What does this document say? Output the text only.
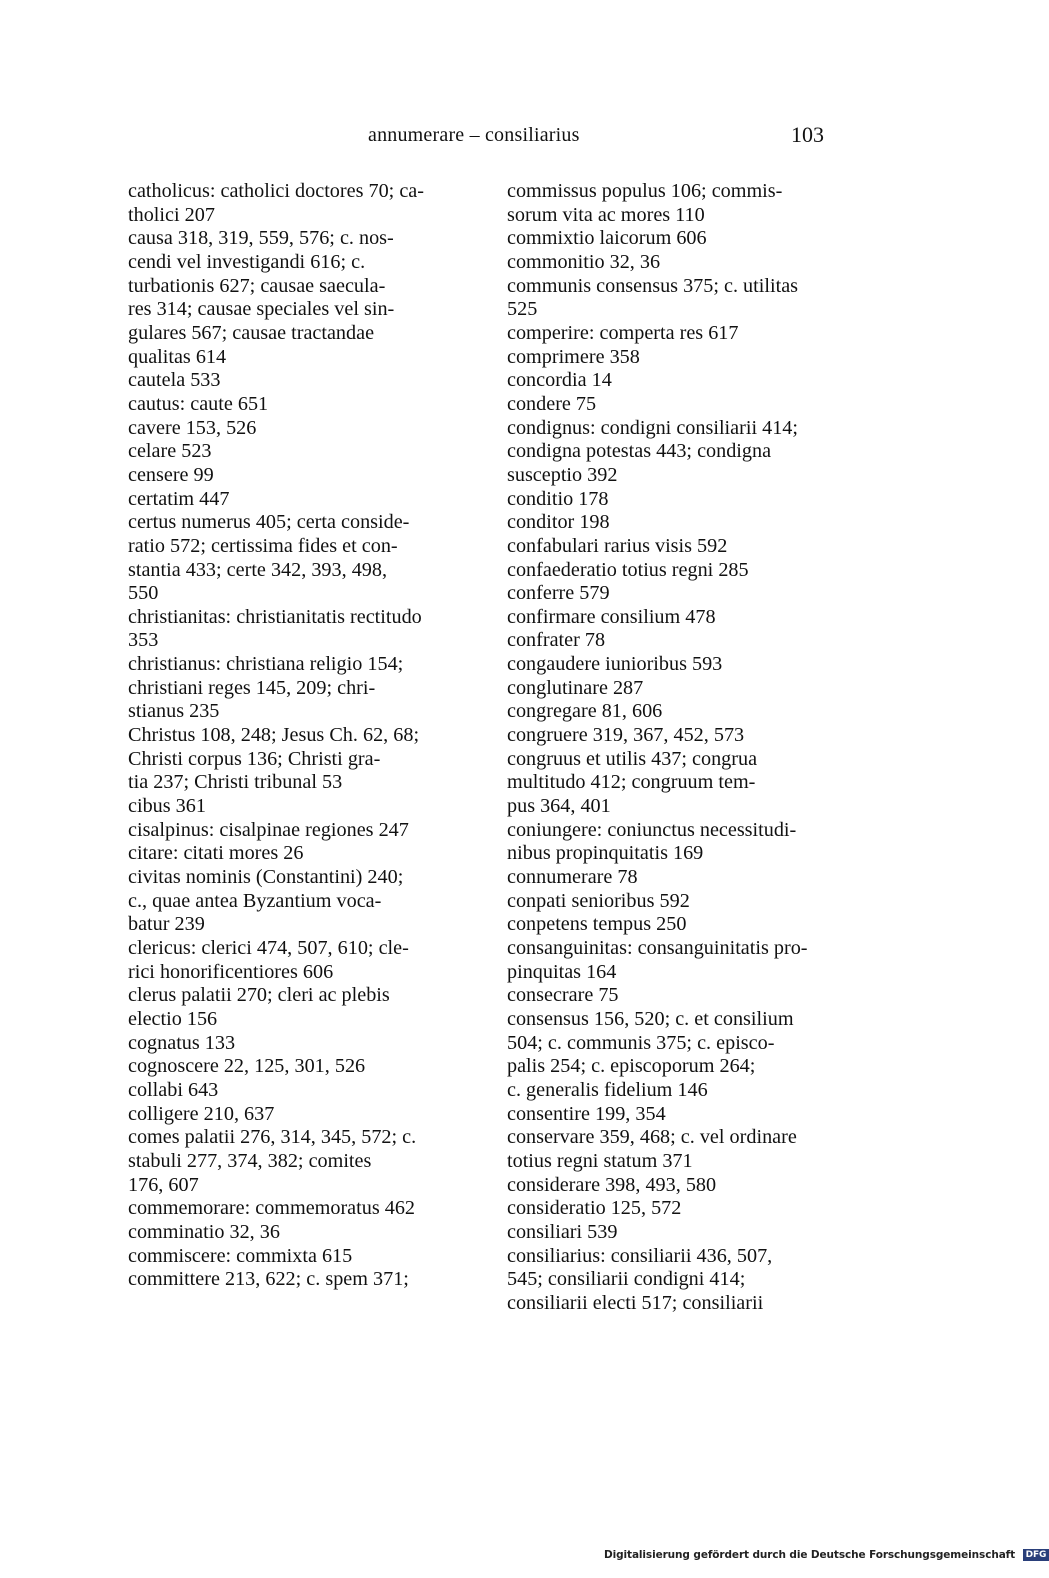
annumerare – consiliarius	103
catholicus: catholici doctores 70; ca-
tholici 207
causa 318, 319, 559, 576; c. nos-
cendi vel investigandi 616; c.
turbationis 627; causae saecula-
res 314; causae speciales vel sin-
gulares 567; causae tractandae
qualitas 614
cautela 533
cautus: caute 651
cavere 153, 526
celare 523
censere 99
certatim 447
certus numerus 405; certa conside-
ratio 572; certissima fides et con-
stantia 433; certe 342, 393, 498,
550
christianitas: christianitatis rectitudo
353
christianus: christiana religio 154;
christiani reges 145, 209; chri-
stianus 235
Christus 108, 248; Jesus Ch. 62, 68;
Christi corpus 136; Christi gra-
tia 237; Christi tribunal 53
cibus 361
cisalpinus: cisalpinae regiones 247
citare: citati mores 26
civitas nominis (Constantini) 240;
c., quae antea Byzantium voca-
batur 239
clericus: clerici 474, 507, 610; cle-
rici honorificentiores 606
clerus palatii 270; cleri ac plebis
electio 156
cognatus 133
cognoscere 22, 125, 301, 526
collabi 643
colligere 210, 637
comes palatii 276, 314, 345, 572; c.
stabuli 277, 374, 382; comites
176, 607
commemorare: commemoratus 462
comminatio 32, 36
commiscere: commixta 615
committere 213, 622; c. spem 371;
commissus populus 106; commis-
sorum vita ac mores 110
commixtio laicorum 606
commonitio 32, 36
communis consensus 375; c. utilitas
525
comperire: comperta res 617
comprimere 358
concordia 14
condere 75
condignus: condigni consiliarii 414;
condigna potestas 443; condigna
susceptio 392
conditio 178
conditor 198
confabulari rarius visis 592
confaederatio totius regni 285
conferre 579
confirmare consilium 478
confrater 78
congaudere iunioribus 593
conglutinare 287
congregare 81, 606
congruere 319, 367, 452, 573
congruus et utilis 437; congrua
multitudo 412; congruum tem-
pus 364, 401
coniungere: coniunctus necessitudi-
nibus propinquitatis 169
connumerare 78
conpati senioribus 592
conpetens tempus 250
consanguinitas: consanguinitatis pro-
pinquitas 164
consecrare 75
consensus 156, 520; c. et consilium
504; c. communis 375; c. episco-
palis 254; c. episcoporum 264;
c. generalis fidelium 146
consentire 199, 354
conservare 359, 468; c. vel ordinare
totius regni statum 371
considerare 398, 493, 580
consideratio 125, 572
consiliari 539
consiliarius: consiliarii 436, 507,
545; consiliarii condigni 414;
consiliarii electi 517; consiliarii
Digitalisierung gefördert durch die Deutsche Forschungsgemeinschaft DFG
